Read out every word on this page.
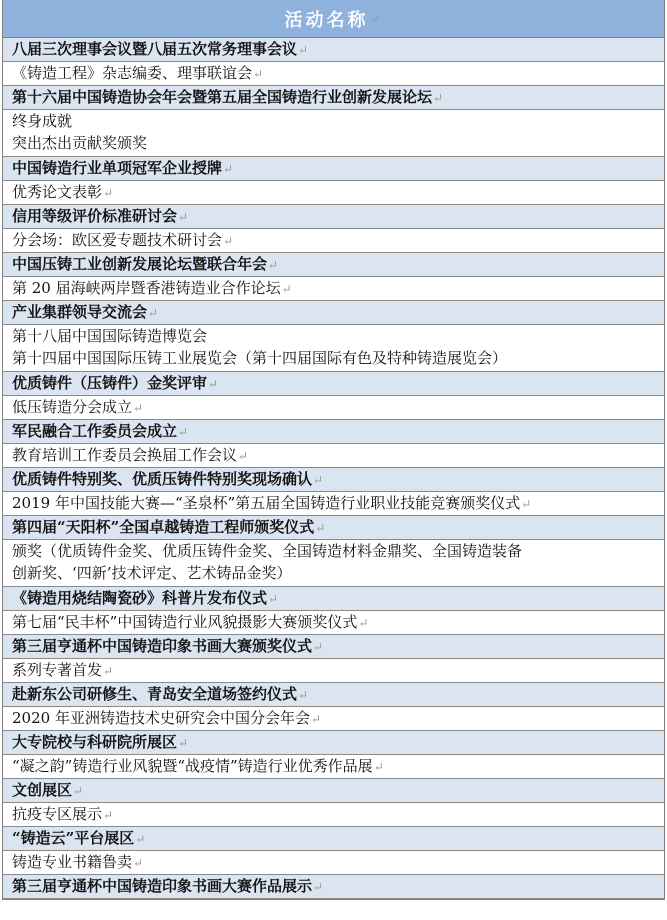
活动名称 ↵
八届三次理事会议暨八届五次常务理事会议↵
《铸造工程》杂志编委、理事联谊会↵
第十六届中国铸造协会年会暨第五届全国铸造行业创新发展论坛↵
终身成就
突出杰出贡献奖颁奖
中国铸造行业单项冠军企业授牌↵
优秀论文表彰↵
信用等级评价标准研讨会↵
分会场：欧区爱专题技术研讨会↵
中国压铸工业创新发展论坛暨联合年会↵
第 20 届海峡两岸暨香港铸造业合作论坛↵
产业集群领导交流会↵
第十八届中国国际铸造博览会
第十四届中国国际压铸工业展览会（第十四届国际有色及特种铸造展览会）
优质铸件（压铸件）金奖评审↵
低压铸造分会成立↵
军民融合工作委员会成立↵
教育培训工作委员会换届工作会议↵
优质铸件特别奖、优质压铸件特别奖现场确认↵
2019 年中国技能大赛—“圣泉杯”第五届全国铸造行业职业技能竞赛颁奖仪式↵
第四届“天阳杯”全国卓越铸造工程师颁奖仪式↵
颁奖（优质铸件金奖、优质压铸件金奖、全国铸造材料金鼎奖、全国铸造装备
创新奖、‘四新’技术评定、艺术铸品金奖）
《铸造用烧结陶瓷砂》科普片发布仪式↵
第七届“民丰杯”中国铸造行业风貌摄影大赛颁奖仪式↵
第三届亨通杯中国铸造印象书画大赛颁奖仪式↵
系列专著首发↵
赴新东公司研修生、青岛安全道场签约仪式↵
2020 年亚洲铸造技术史研究会中国分会年会↵
大专院校与科研院所展区↵
“凝之韵”铸造行业风貌暨“战疫情”铸造行业优秀作品展↵
文创展区↵
抗疫专区展示↵
“铸造云”平台展区↵
铸造专业书籍鲁卖↵
第三届亨通杯中国铸造印象书画大赛作品展示↵
